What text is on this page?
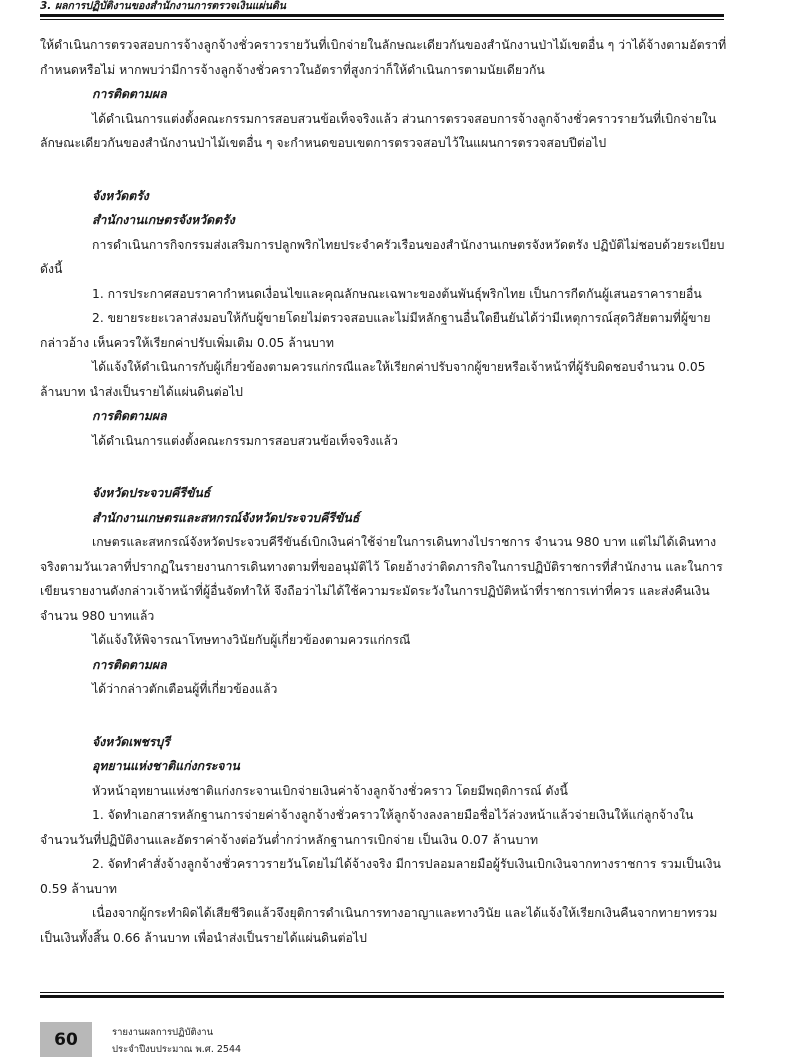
3. ผลการปฏิบัติงานของสำนักงานการตรวจเงินแผ่นดิน

ให้ดำเนินการตรวจสอบการจ้างลูกจ้างชั่วคราวรายวันที่เบิกจ่ายในลักษณะเดียวกันของสำนักงานป่าไม้เขตอื่น ๆ ว่าได้จ้างตามอัตราที่กำหนดหรือไม่ หากพบว่ามีการจ้างลูกจ้างชั่วคราวในอัตราที่สูงกว่าก็ให้ดำเนินการตามนัยเดียวกัน

การติดตามผล

ได้ดำเนินการแต่งตั้งคณะกรรมการสอบสวนข้อเท็จจริงแล้ว ส่วนการตรวจสอบการจ้างลูกจ้างชั่วคราวรายวันที่เบิกจ่ายในลักษณะเดียวกันของสำนักงานป่าไม้เขตอื่น ๆ จะกำหนดขอบเขตการตรวจสอบไว้ในแผนการตรวจสอบปีต่อไป

จังหวัดตรัง

สำนักงานเกษตรจังหวัดตรัง

การดำเนินการกิจกรรมส่งเสริมการปลูกพริกไทยประจำครัวเรือนของสำนักงานเกษตรจังหวัดตรัง ปฏิบัติไม่ชอบด้วยระเบียบ ดังนี้

1. การประกาศสอบราคากำหนดเงื่อนไขและคุณลักษณะเฉพาะของต้นพันธุ์พริกไทย เป็นการกีดกันผู้เสนอราคารายอื่น

2. ขยายระยะเวลาส่งมอบให้กับผู้ขายโดยไม่ตรวจสอบและไม่มีหลักฐานอื่นใดยืนยันได้ว่ามีเหตุการณ์สุดวิสัยตามที่ผู้ขายกล่าวอ้าง เห็นควรให้เรียกค่าปรับเพิ่มเติม 0.05 ล้านบาท

ได้แจ้งให้ดำเนินการกับผู้เกี่ยวข้องตามควรแก่กรณีและให้เรียกค่าปรับจากผู้ขายหรือเจ้าหน้าที่ผู้รับผิดชอบจำนวน 0.05 ล้านบาท นำส่งเป็นรายได้แผ่นดินต่อไป

การติดตามผล

ได้ดำเนินการแต่งตั้งคณะกรรมการสอบสวนข้อเท็จจริงแล้ว

จังหวัดประจวบคีรีขันธ์

สำนักงานเกษตรและสหกรณ์จังหวัดประจวบคีรีขันธ์

เกษตรและสหกรณ์จังหวัดประจวบคีรีขันธ์เบิกเงินค่าใช้จ่ายในการเดินทางไปราชการ จำนวน 980 บาท แต่ไม่ได้เดินทางจริงตามวันเวลาที่ปรากฏในรายงานการเดินทางตามที่ขออนุมัติไว้ โดยอ้างว่าติดภารกิจในการปฏิบัติราชการที่สำนักงาน และในการเขียนรายงานดังกล่าวเจ้าหน้าที่ผู้อื่นจัดทำให้ จึงถือว่าไม่ได้ใช้ความระมัดระวังในการปฏิบัติหน้าที่ราชการเท่าที่ควร และส่งคืนเงิน จำนวน 980 บาทแล้ว

ได้แจ้งให้พิจารณาโทษทางวินัยกับผู้เกี่ยวข้องตามควรแก่กรณี

การติดตามผล

ได้ว่ากล่าวตักเตือนผู้ที่เกี่ยวข้องแล้ว

จังหวัดเพชรบุรี

อุทยานแห่งชาติแก่งกระจาน

หัวหน้าอุทยานแห่งชาติแก่งกระจานเบิกจ่ายเงินค่าจ้างลูกจ้างชั่วคราว โดยมีพฤติการณ์ ดังนี้

1. จัดทำเอกสารหลักฐานการจ่ายค่าจ้างลูกจ้างชั่วคราวให้ลูกจ้างลงลายมือชื่อไว้ล่วงหน้าแล้วจ่ายเงินให้แก่ลูกจ้างในจำนวนวันที่ปฏิบัติงานและอัตราค่าจ้างต่อวันต่ำกว่าหลักฐานการเบิกจ่าย เป็นเงิน 0.07 ล้านบาท

2. จัดทำคำสั่งจ้างลูกจ้างชั่วคราวรายวันโดยไม่ได้จ้างจริง มีการปลอมลายมือผู้รับเงินเบิกเงินจากทางราชการ รวมเป็นเงิน 0.59 ล้านบาท

เนื่องจากผู้กระทำผิดได้เสียชีวิตแล้วจึงยุติการดำเนินการทางอาญาและทางวินัย และได้แจ้งให้เรียกเงินคืนจากทายาทรวมเป็นเงินทั้งสิ้น 0.66 ล้านบาท เพื่อนำส่งเป็นรายได้แผ่นดินต่อไป

60	รายงานผลการปฏิบัติงาน
ประจำปีงบประมาณ พ.ศ. 2544
